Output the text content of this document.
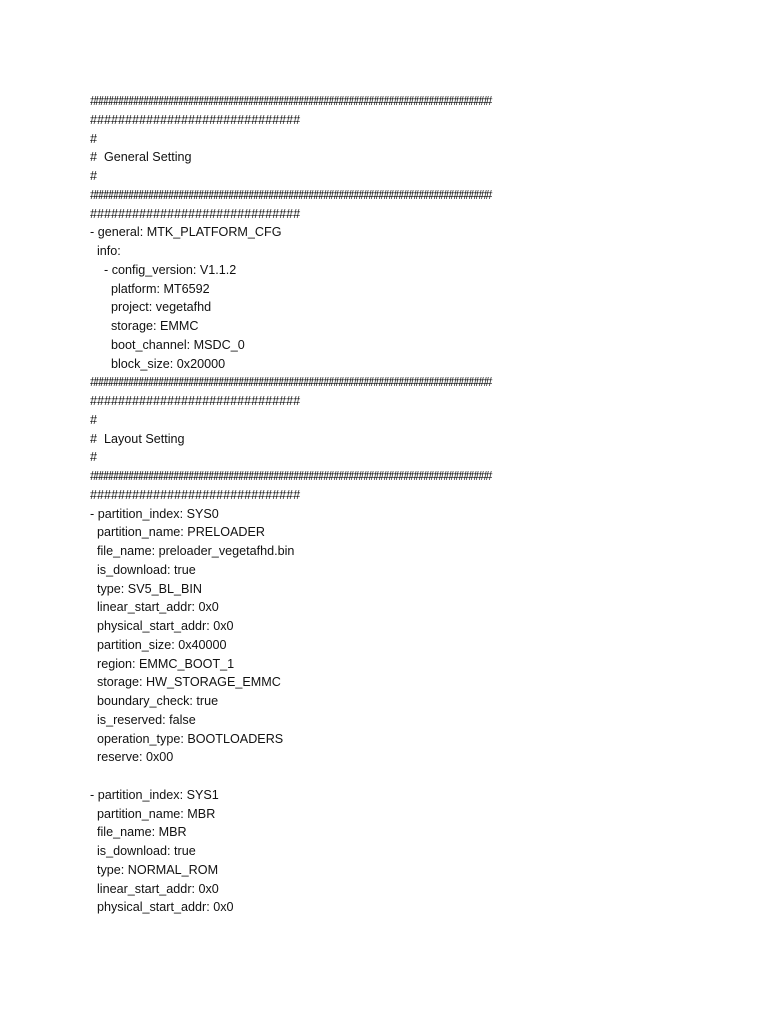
################################################################################
##############################
#
#  General Setting
#
################################################################################
##############################
- general: MTK_PLATFORM_CFG
info:
- config_version: V1.1.2
platform: MT6592
project: vegetafhd
storage: EMMC
boot_channel: MSDC_0
block_size: 0x20000
################################################################################
##############################
#
#  Layout Setting
#
################################################################################
##############################
- partition_index: SYS0
partition_name: PRELOADER
file_name: preloader_vegetafhd.bin
is_download: true
type: SV5_BL_BIN
linear_start_addr: 0x0
physical_start_addr: 0x0
partition_size: 0x40000
region: EMMC_BOOT_1
storage: HW_STORAGE_EMMC
boundary_check: true
is_reserved: false
operation_type: BOOTLOADERS
reserve: 0x00
- partition_index: SYS1
partition_name: MBR
file_name: MBR
is_download: true
type: NORMAL_ROM
linear_start_addr: 0x0
physical_start_addr: 0x0
